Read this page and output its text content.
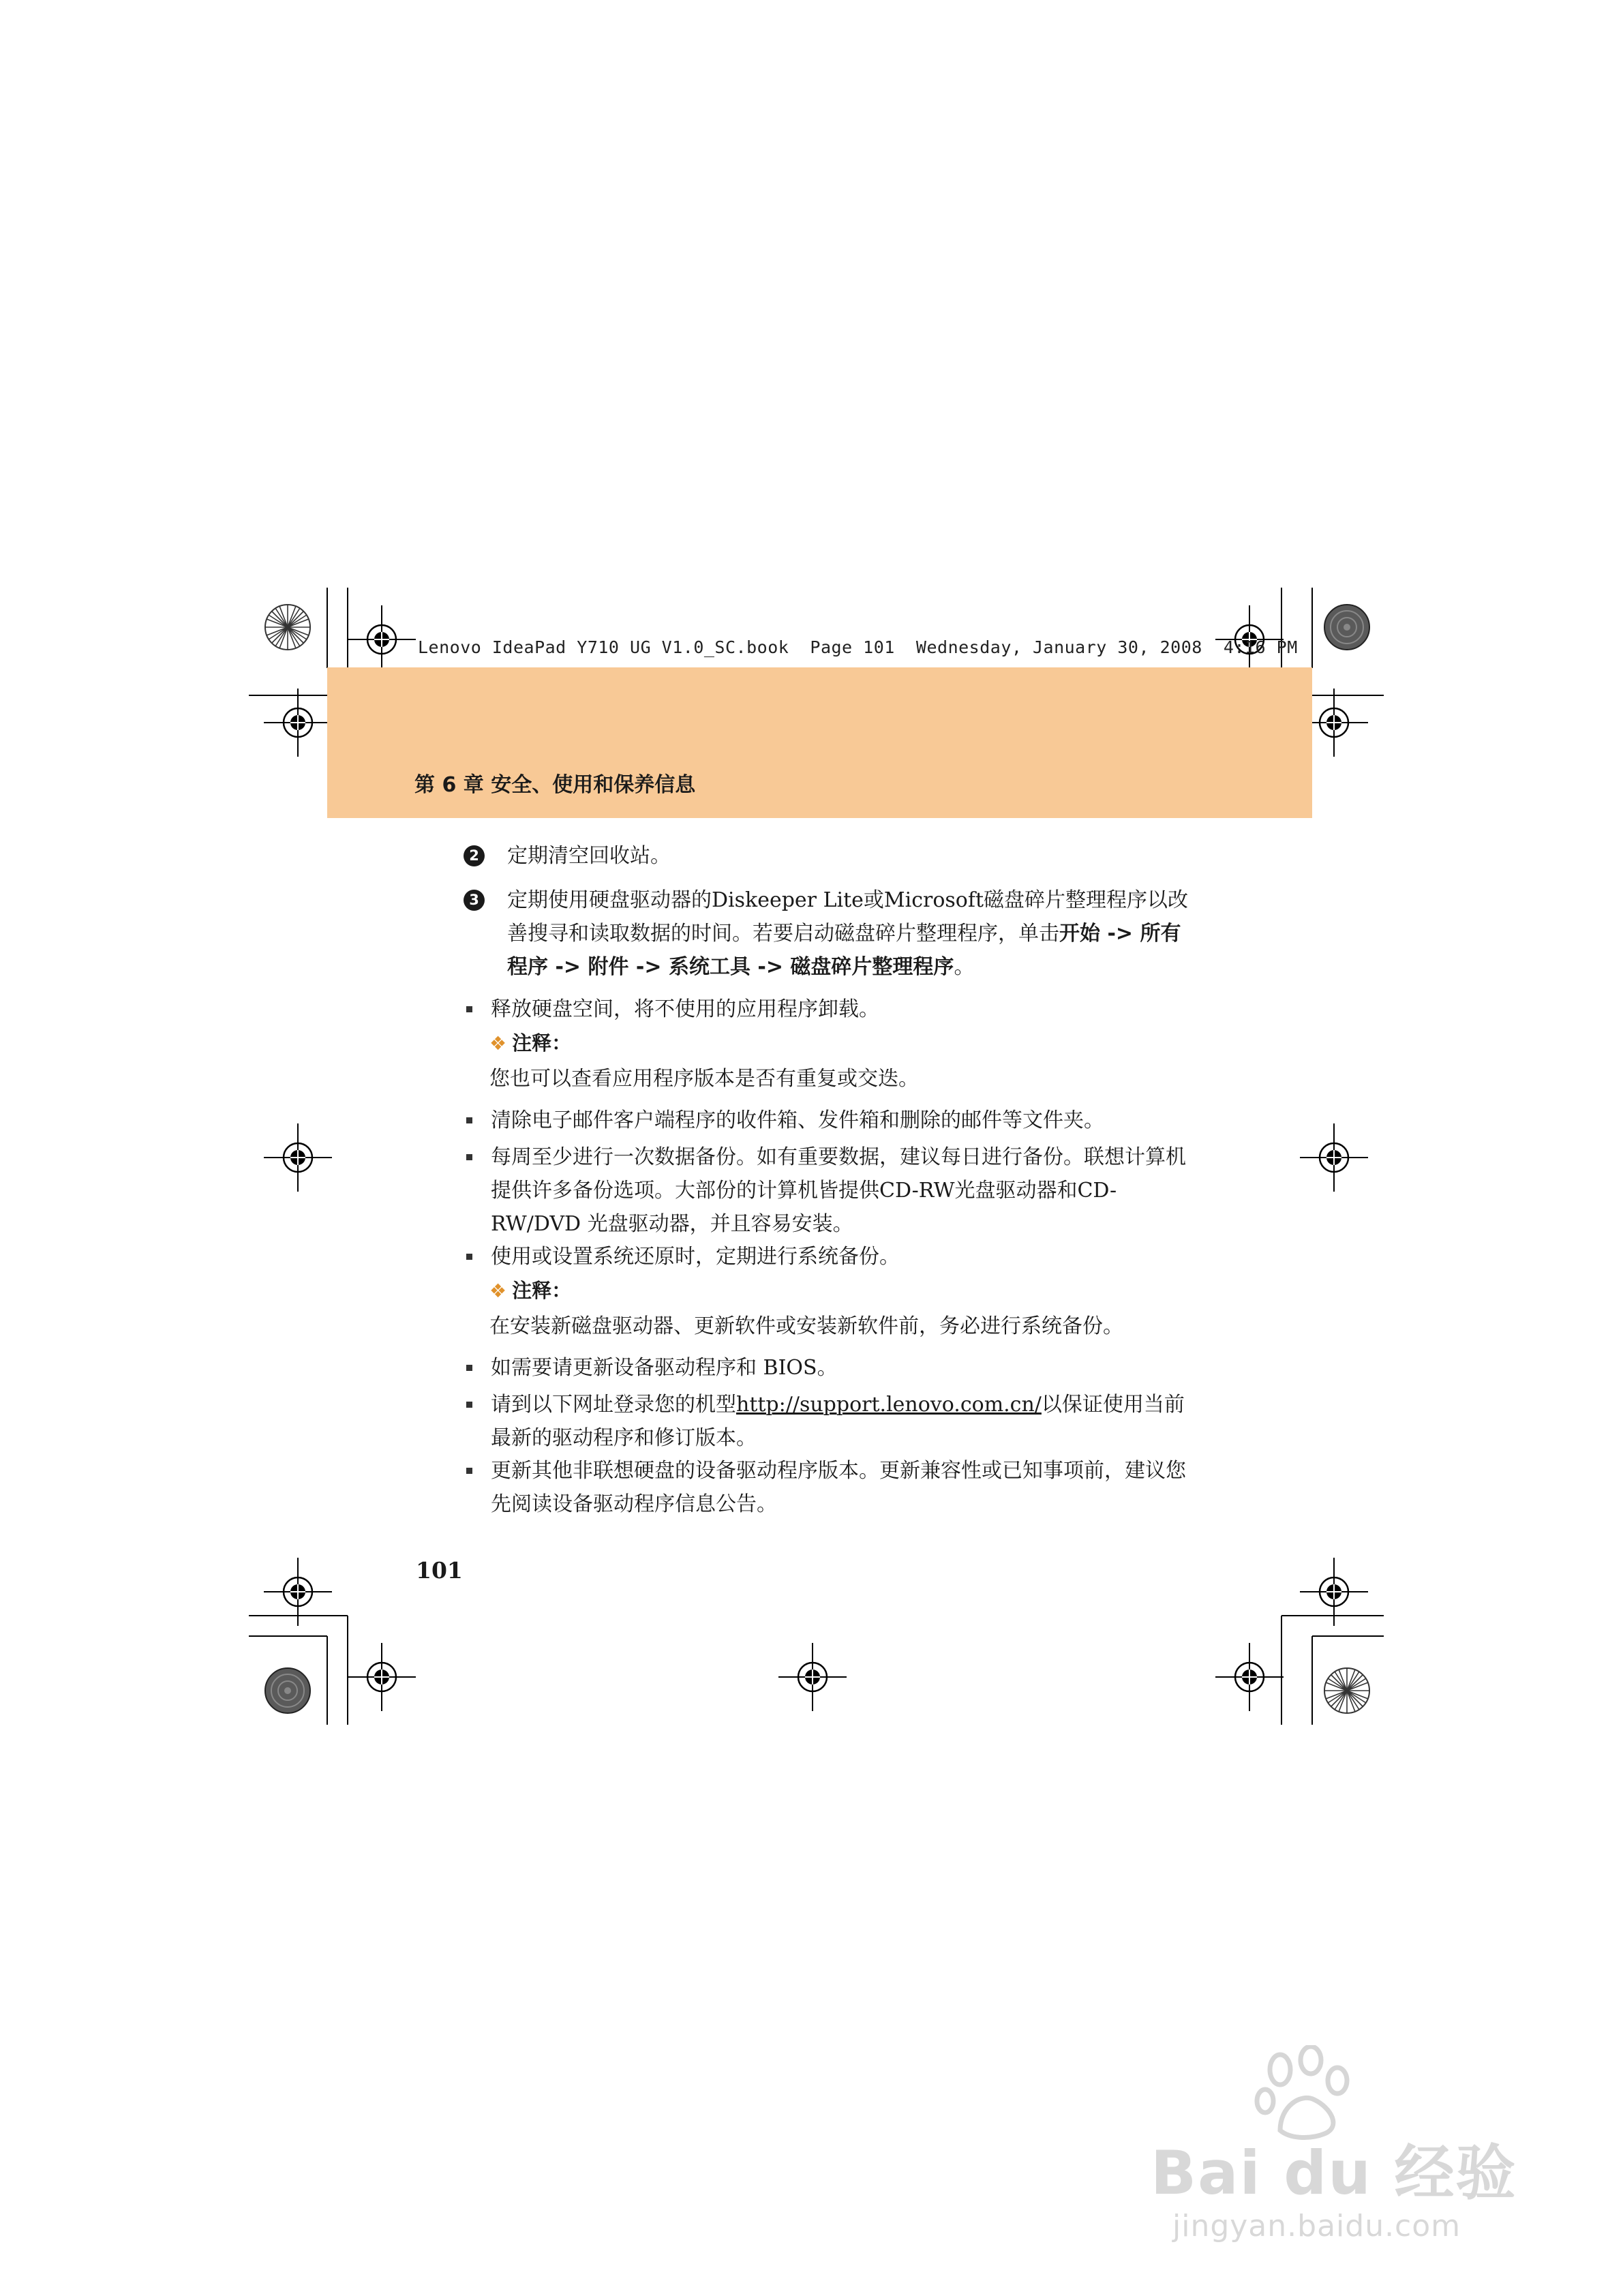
Lenovo IdeaPad Y710 UG V1.0_SC.book  Page 101  Wednesday, January 30, 2008  4:16 PM
第 6 章 安全、使用和保养信息
2 定期清空回收站。
3 定期使用硬盘驱动器的Diskeeper Lite或Microsoft磁盘碎片整理程序以改善搜寻和读取数据的时间。若要启动磁盘碎片整理程序，单击开始 -> 所有程序 -> 附件 -> 系统工具 -> 磁盘碎片整理程序。
释放硬盘空间，将不使用的应用程序卸载。
❖ 注释：
您也可以查看应用程序版本是否有重复或交迭。
清除电子邮件客户端程序的收件箱、发件箱和删除的邮件等文件夹。
每周至少进行一次数据备份。如有重要数据，建议每日进行备份。联想计算机提供许多备份选项。大部份的计算机皆提供CD-RW光盘驱动器和CD-RW/DVD 光盘驱动器，并且容易安装。
使用或设置系统还原时，定期进行系统备份。
❖ 注释：
在安装新磁盘驱动器、更新软件或安装新软件前，务必进行系统备份。
如需要请更新设备驱动程序和 BIOS。
请到以下网址登录您的机型http://support.lenovo.com.cn/以保证使用当前最新的驱动程序和修订版本。
更新其他非联想硬盘的设备驱动程序版本。更新兼容性或已知事项前，建议您先阅读设备驱动程序信息公告。
101
Bai du 经验
jingyan.baidu.com
